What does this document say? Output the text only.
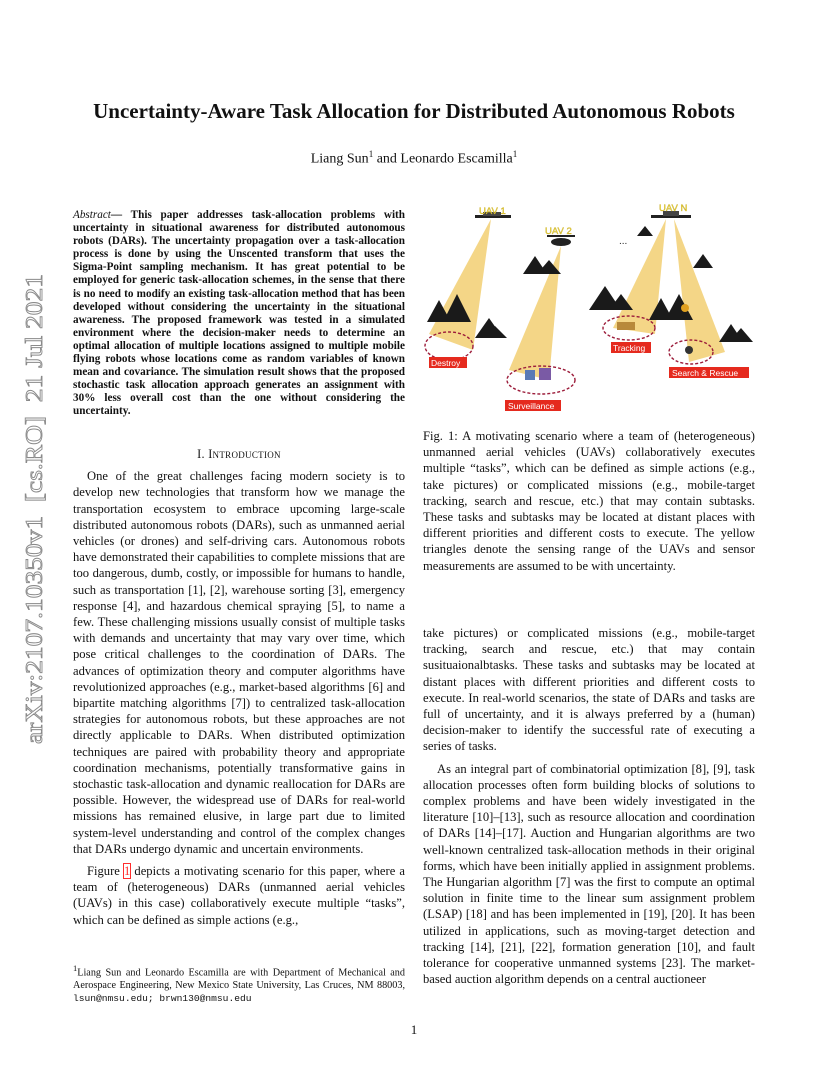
Uncertainty-Aware Task Allocation for Distributed Autonomous Robots
Liang Sun$^1$ and Leonardo Escamilla$^1$
arXiv:2107.10350v1  [cs.RO]  21 Jul 2021
Abstract— This paper addresses task-allocation problems with uncertainty in situational awareness for distributed autonomous robots (DARs). The uncertainty propagation over a task-allocation process is done by using the Unscented transform that uses the Sigma-Point sampling mechanism. It has great potential to be employed for generic task-allocation schemes, in the sense that there is no need to modify an existing task-allocation method that has been developed without considering the uncertainty in the situational awareness. The proposed framework was tested in a simulated environment where the decision-maker needs to determine an optimal allocation of multiple locations assigned to multiple mobile flying robots whose locations come as random variables of known mean and covariance. The simulation result shows that the proposed stochastic task allocation approach generates an assignment with 30% less overall cost than the one without considering the uncertainty.
I. Introduction

One of the great challenges facing modern society is to develop new technologies that transform how we manage the transportation ecosystem to embrace upcoming large-scale distributed autonomous robots (DARs), such as unmanned aerial vehicles (or drones) and self-driving cars. Autonomous robots have demonstrated their capabilities to complete missions that are too dangerous, dumb, costly, or impossible for humans to handle, such as transportation [1], [2], warehouse sorting [3], emergency response [4], and hazardous chemical spraying [5], to name a few. These challenging missions usually consist of multiple tasks with demands and uncertainty that may vary over time, which pose critical challenges to the coordination of DARs. The advances of optimization theory and computer algorithms have revolutionized approaches (e.g., market-based algorithms [6] and bipartite matching algorithms [7]) to centralized task-allocation strategies for autonomous robots, but these approaches are not directly applicable to DARs. When distributed optimization techniques are paired with probability theory and appropriate coordination mechanisms, potentially transformative gains in stochastic task-allocation and dynamic reallocation for DARs are possible. However, the widespread use of DARs for real-world missions has remained elusive, in large part due to limited system-level understanding and control of the complex changes that DARs undergo dynamic and uncertain environments.

Figure 1 depicts a motivating scenario for this paper, where a team of (heterogeneous) DARs (unmanned aerial vehicles (UAVs) in this case) collaboratively execute multiple “tasks”, which can be defined as simple actions (e.g.,

$^1$Liang Sun and Leonardo Escamilla are with Department of Mechanical and Aerospace Engineering, New Mexico State University, Las Cruces, NM 88003, lsun@nmsu.edu; brwn130@nmsu.edu
UAV 1
UAV 2
UAV N
...
Destroy
Tracking
Search & Rescue
Surveillance
Fig. 1: A motivating scenario where a team of (heterogeneous) unmanned aerial vehicles (UAVs) collaboratively executes multiple “tasks”, which can be defined as simple actions (e.g., take pictures) or complicated missions (e.g., mobile-target tracking, search and rescue, etc.) that may contain subtasks. These tasks and subtasks may be located at distant places with different priorities and different costs to execute. The yellow triangles denote the sensing range of the UAVs and sensor measurements are assumed to be with uncertainty.

take pictures) or complicated missions (e.g., mobile-target tracking, search and rescue, etc.) that may contain susituaionalbtasks. These tasks and subtasks may be located at distant places with different priorities and different costs to execute. In real-world scenarios, the state of DARs and tasks are full of uncertainty, and it is always preferred by a (human) decision-maker to identify the successful rate of executing a series of tasks.

As an integral part of combinatorial optimization [8], [9], task allocation processes often form building blocks of solutions to complex problems and have been widely investigated in the literature [10]–[13], such as resource allocation and coordination of DARs [14]–[17]. Auction and Hungarian algorithms are two well-known centralized task-allocation methods in their original forms, which have been initially applied in assignment problems. The Hungarian algorithm [7] was the first to compute an optimal solution in finite time to the linear sum assignment problem (LSAP) [18] and has been implemented in [19], [20]. It has been utilized in applications, such as moving-target detection and tracking [14], [21], [22], formation generation [10], and fault tolerance for cooperative unmanned systems [23]. The market-based auction algorithm depends on a central auctioneer

1
